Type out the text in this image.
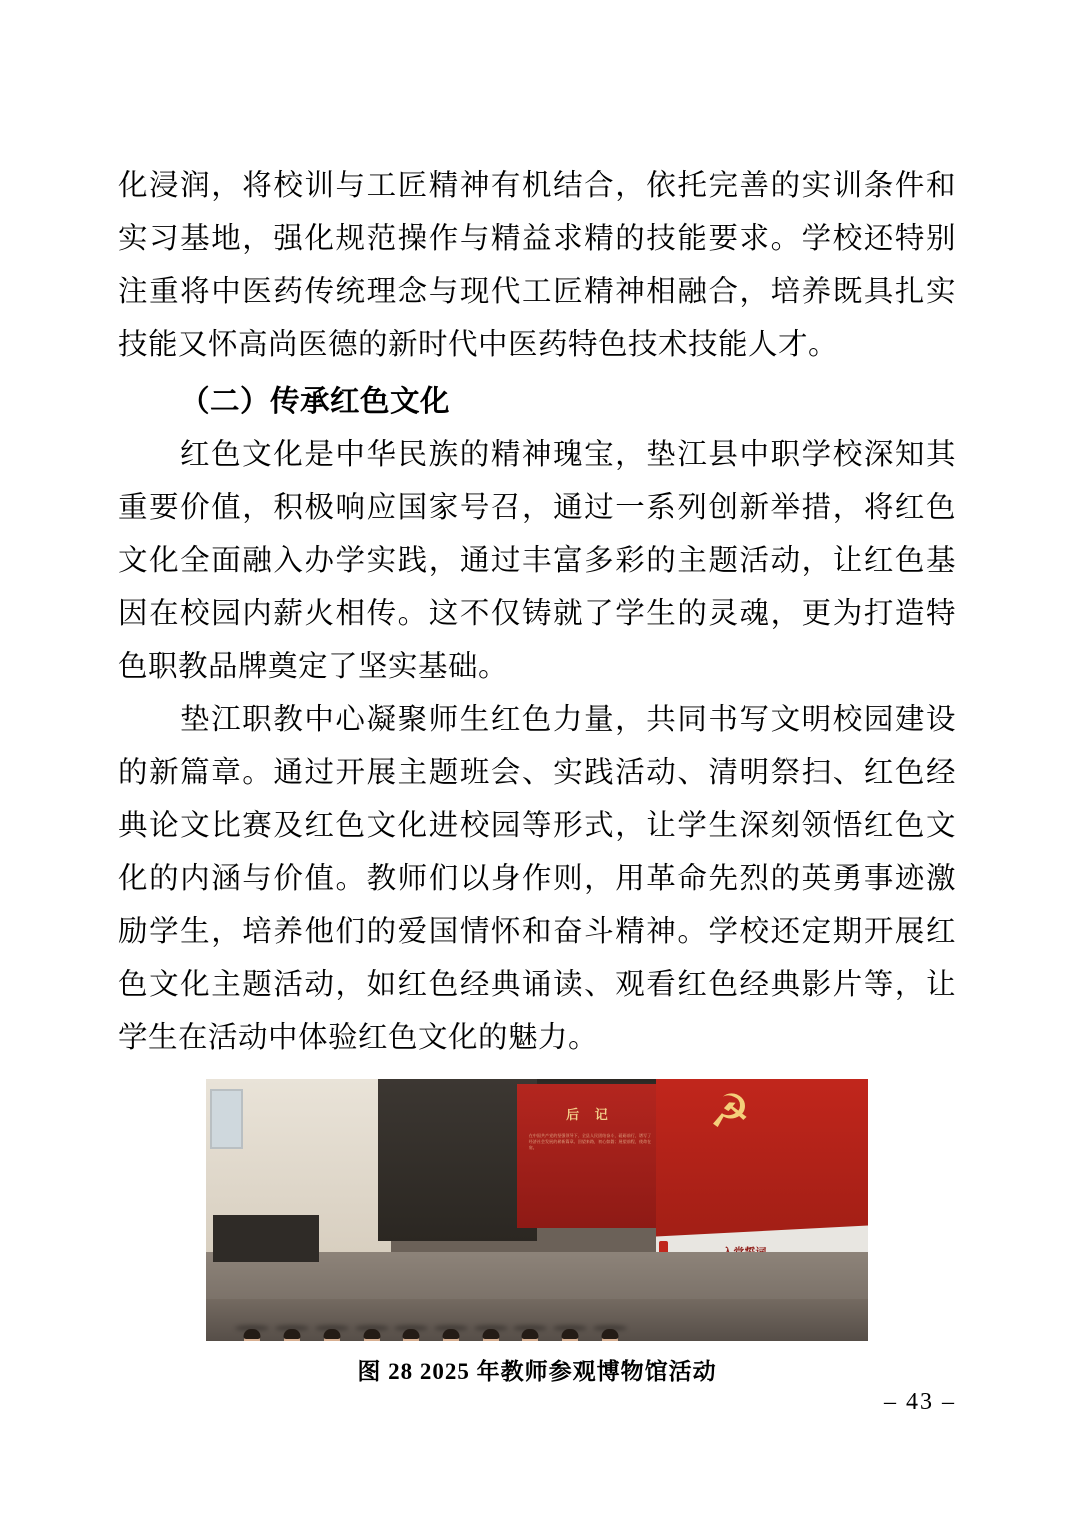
化浸润，将校训与工匠精神有机结合，依托完善的实训条件和实习基地，强化规范操作与精益求精的技能要求。学校还特别注重将中医药传统理念与现代工匠精神相融合，培养既具扎实技能又怀高尚医德的新时代中医药特色技术技能人才。

（二）传承红色文化

红色文化是中华民族的精神瑰宝，垫江县中职学校深知其重要价值，积极响应国家号召，通过一系列创新举措，将红色文化全面融入办学实践，通过丰富多彩的主题活动，让红色基因在校园内薪火相传。这不仅铸就了学生的灵魂，更为打造特色职教品牌奠定了坚实基础。

垫江职教中心凝聚师生红色力量，共同书写文明校园建设的新篇章。通过开展主题班会、实践活动、清明祭扫、红色经典论文比赛及红色文化进校园等形式，让学生深刻领悟红色文化的内涵与价值。教师们以身作则，用革命先烈的英勇事迹激励学生，培养他们的爱国情怀和奋斗精神。学校还定期开展红色文化主题活动，如红色经典诵读、观看红色经典影片等，让学生在活动中体验红色文化的魅力。

后 记
在中国共产党的坚强领导下，全县人民团结奋斗，砥砺前行，谱写了经济社会发展的崭新篇章。回望来路，初心如磐；展望前程，使命在肩。
☭
图 28 2025 年教师参观博物馆活动
– 43 –
